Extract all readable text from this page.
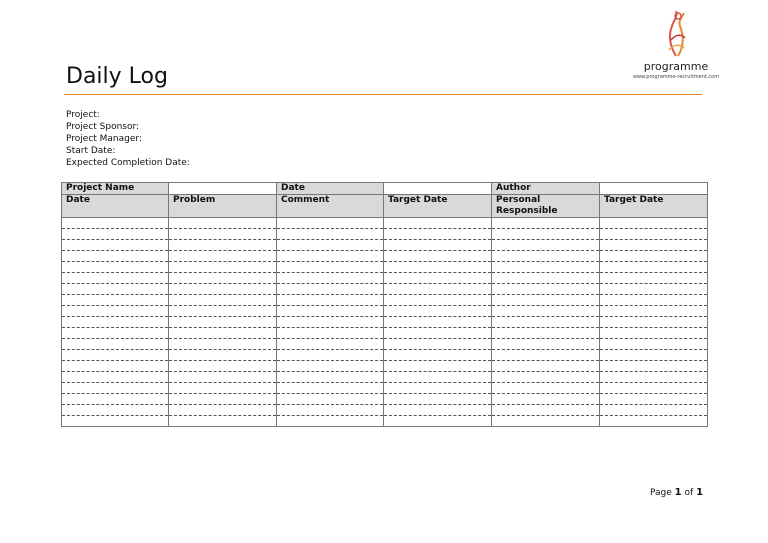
Daily Log	programme
www.programme-recruitment.com
Project:
Project Sponsor:
Project Manager:
Start Date:
Expected Completion Date:
Project Name		Date		Author	
Date	Problem	Comment	Target Date	Personal Responsible	Target Date

Page 1 of 1
